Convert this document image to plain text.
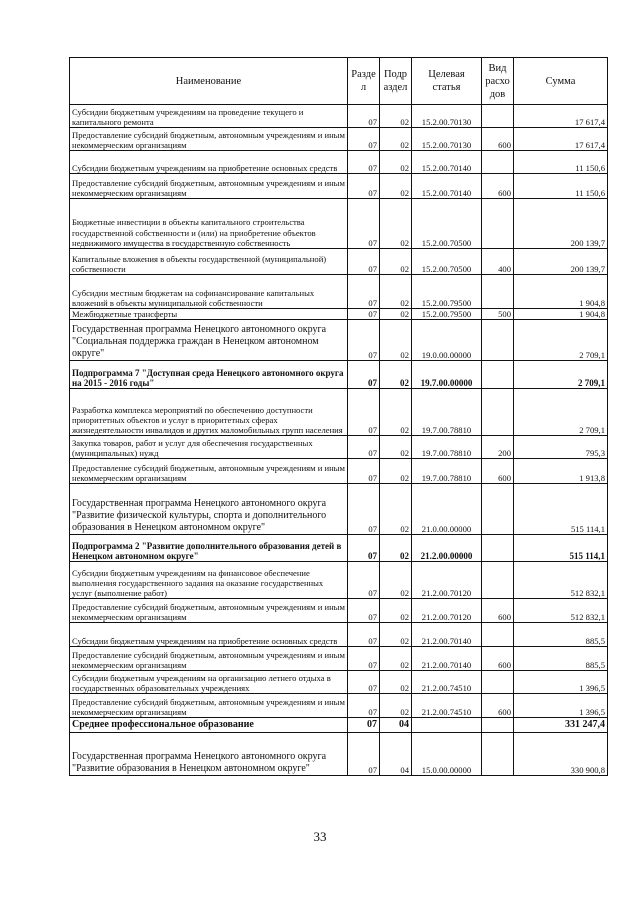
Наименование	Разде л	Подр аздел	Целевая статья	Вид расхо дов	Сумма
Субсидии бюджетным учреждениям на проведение текущего и капитального ремонта	07	02	15.2.00.70130		17 617,4
Предоставление субсидий бюджетным, автономным учреждениям и иным некоммерческим организациям	07	02	15.2.00.70130	600	17 617,4
Субсидии бюджетным учреждениям на приобретение основных средств	07	02	15.2.00.70140		11 150,6
Предоставление субсидий бюджетным, автономным учреждениям и иным некоммерческим организациям	07	02	15.2.00.70140	600	11 150,6
Бюджетные инвестиции в объекты капитального строительства государственной собственности и (или) на приобретение объектов недвижимого имущества в государственную собственность	07	02	15.2.00.70500		200 139,7
Капитальные вложения в объекты государственной (муниципальной) собственности	07	02	15.2.00.70500	400	200 139,7
Субсидии местным бюджетам на софинансирование капитальных вложений в объекты муниципальной собственности	07	02	15.2.00.79500		1 904,8
Межбюджетные трансферты	07	02	15.2.00.79500	500	1 904,8
Государственная программа Ненецкого автономного округа "Социальная поддержка граждан в Ненецком автономном округе"	07	02	19.0.00.00000		2 709,1
Подпрограмма 7 "Доступная среда Ненецкого автономного округа на 2015 - 2016 годы"	07	02	19.7.00.00000		2 709,1
Разработка комплекса мероприятий по обеспечению доступности приоритетных объектов и услуг в приоритетных сферах жизнедеятельности инвалидов и других маломобильных групп населения	07	02	19.7.00.78810		2 709,1
Закупка товаров, работ и услуг для обеспечения государственных (муниципальных) нужд	07	02	19.7.00.78810	200	795,3
Предоставление субсидий бюджетным, автономным учреждениям и иным некоммерческим организациям	07	02	19.7.00.78810	600	1 913,8
Государственная программа Ненецкого автономного округа "Развитие физической культуры, спорта и дополнительного образования в Ненецком автономном округе"	07	02	21.0.00.00000		515 114,1
Подпрограмма 2 "Развитие дополнительного образования детей в Ненецком автономном округе"	07	02	21.2.00.00000		515 114,1
Субсидии бюджетным учреждениям на финансовое обеспечение выполнения государственного задания на оказание государственных услуг (выполнение работ)	07	02	21.2.00.70120		512 832,1
Предоставление субсидий бюджетным, автономным учреждениям и иным некоммерческим организациям	07	02	21.2.00.70120	600	512 832,1
Субсидии бюджетным учреждениям на приобретение основных средств	07	02	21.2.00.70140		885,5
Предоставление субсидий бюджетным, автономным учреждениям и иным некоммерческим организациям	07	02	21.2.00.70140	600	885,5
Субсидии бюджетным учреждениям на организацию летнего отдыха в государственных образовательных учреждениях	07	02	21.2.00.74510		1 396,5
Предоставление субсидий бюджетным, автономным учреждениям и иным некоммерческим организациям	07	02	21.2.00.74510	600	1 396,5
Среднее профессиональное образование	07	04			331 247,4
Государственная программа Ненецкого автономного округа "Развитие образования в Ненецком автономном округе"	07	04	15.0.00.00000		330 900,8
33
